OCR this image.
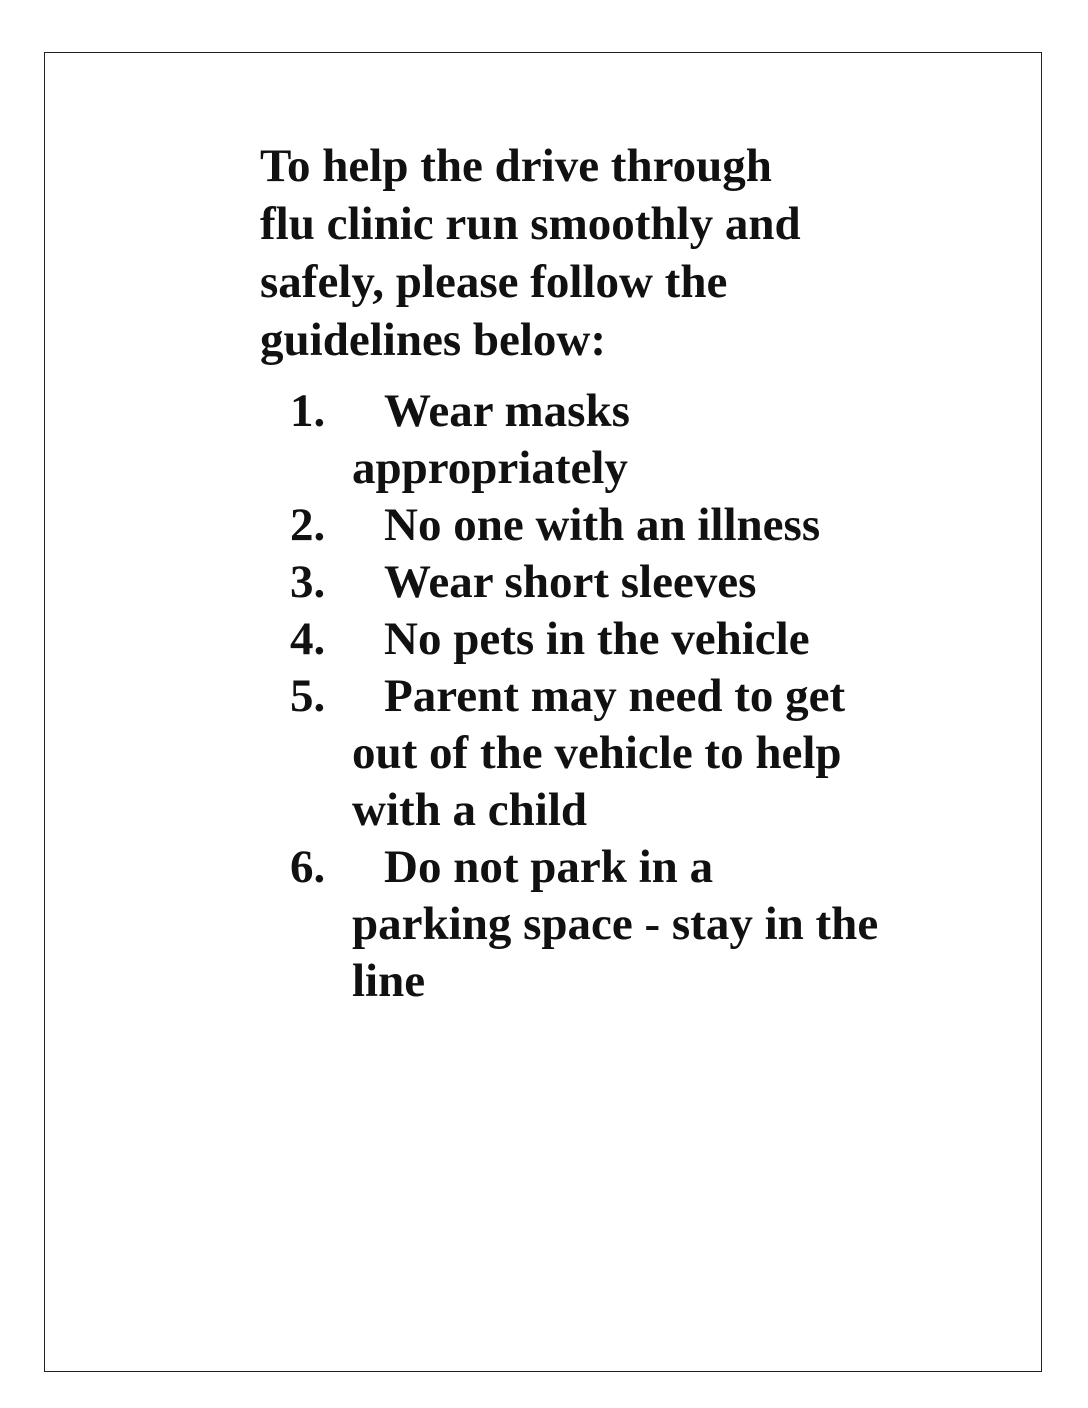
To help the drive through
flu clinic run smoothly and
safely, please follow the
guidelines below:

1. Wear masks appropriately
2. No one with an illness
3. Wear short sleeves
4. No pets in the vehicle
5. Parent may need to get out of the vehicle to help with a child
6. Do not park in a parking space - stay in the line
